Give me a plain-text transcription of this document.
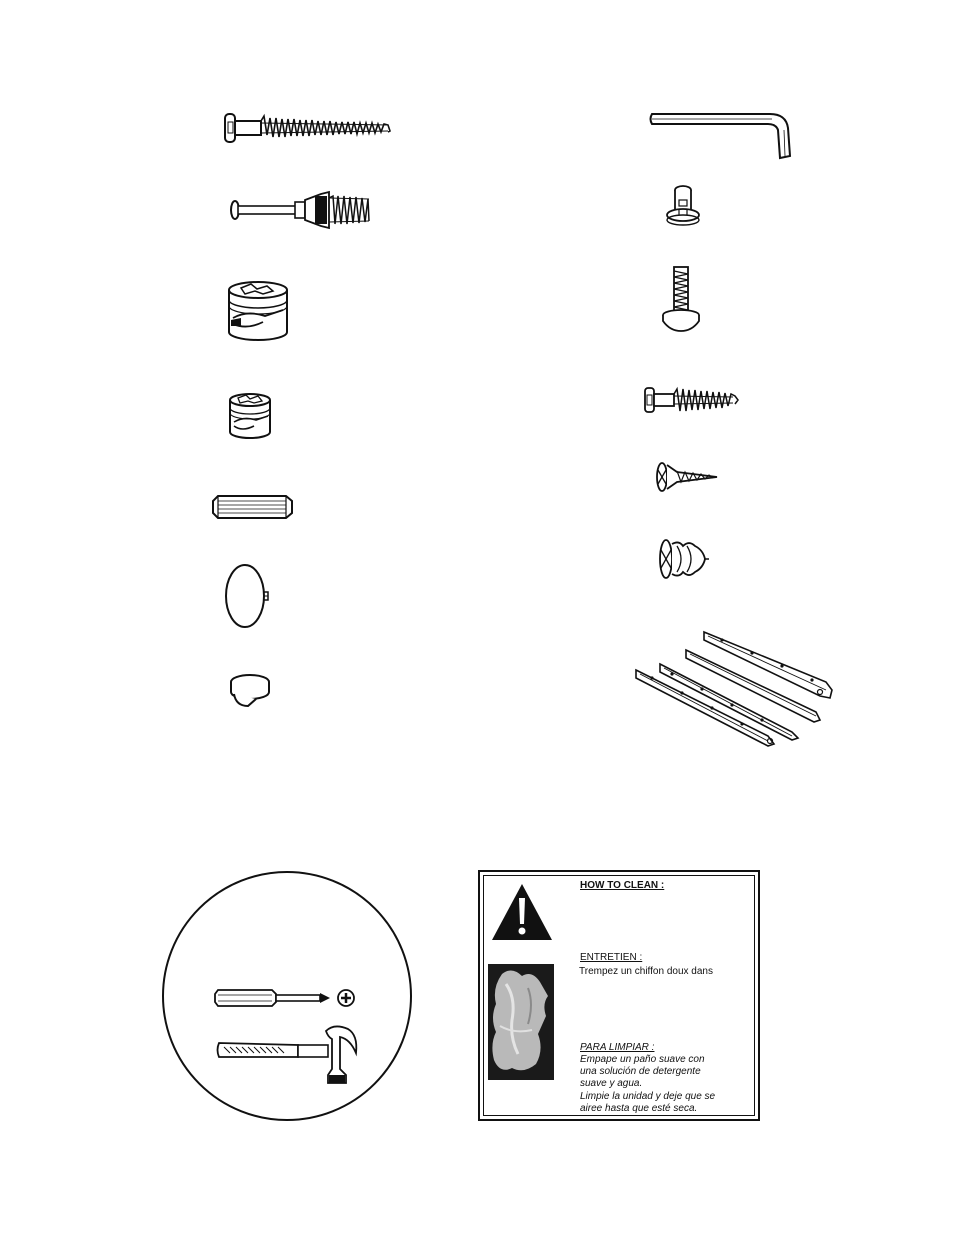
HOW TO CLEAN :
ENTRETIEN :
Trempez un chiffon doux dans
PARA LIMPIAR :
Empape un paño suave con
una solución de detergente
suave y agua.
Limpie la unidad y deje que se
airee hasta que esté seca.
